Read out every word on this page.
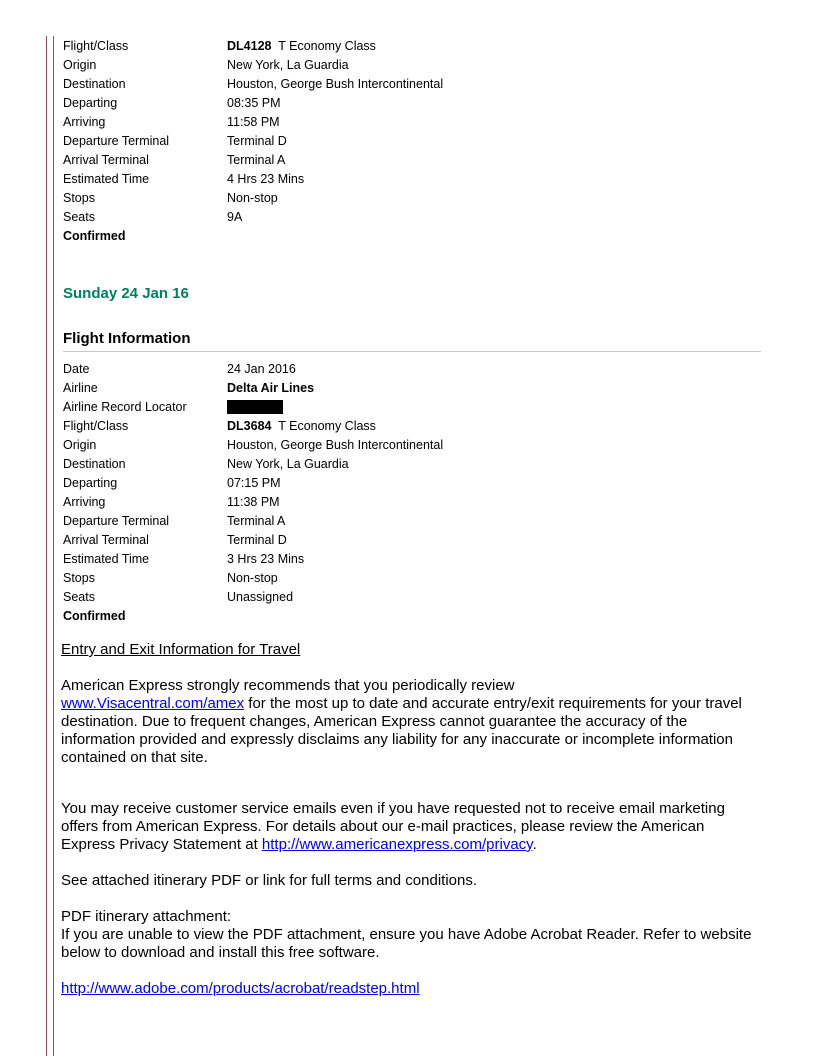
Flight/Class	DL4128 T Economy Class
Origin	New York, La Guardia
Destination	Houston, George Bush Intercontinental
Departing	08:35 PM
Arriving	11:58 PM
Departure Terminal	Terminal D
Arrival Terminal	Terminal A
Estimated Time	4 Hrs 23 Mins
Stops	Non-stop
Seats	9A
Confirmed
Sunday 24 Jan 16
Flight Information
Date	24 Jan 2016
Airline	Delta Air Lines
Airline Record Locator
Flight/Class	DL3684 T Economy Class
Origin	Houston, George Bush Intercontinental
Destination	New York, La Guardia
Departing	07:15 PM
Arriving	11:38 PM
Departure Terminal	Terminal A
Arrival Terminal	Terminal D
Estimated Time	3 Hrs 23 Mins
Stops	Non-stop
Seats	Unassigned
Confirmed
Entry and Exit Information for Travel
American Express strongly recommends that you periodically review
www.Visacentral.com/amex for the most up to date and accurate entry/exit requirements for your travel destination. Due to frequent changes, American Express cannot guarantee the accuracy of the information provided and expressly disclaims any liability for any inaccurate or incomplete information contained on that site.
You may receive customer service emails even if you have requested not to receive email marketing offers from American Express. For details about our e-mail practices, please review the American Express Privacy Statement at http://www.americanexpress.com/privacy.
See attached itinerary PDF or link for full terms and conditions.
PDF itinerary attachment:
If you are unable to view the PDF attachment, ensure you have Adobe Acrobat Reader. Refer to website below to download and install this free software.
http://www.adobe.com/products/acrobat/readstep.html
